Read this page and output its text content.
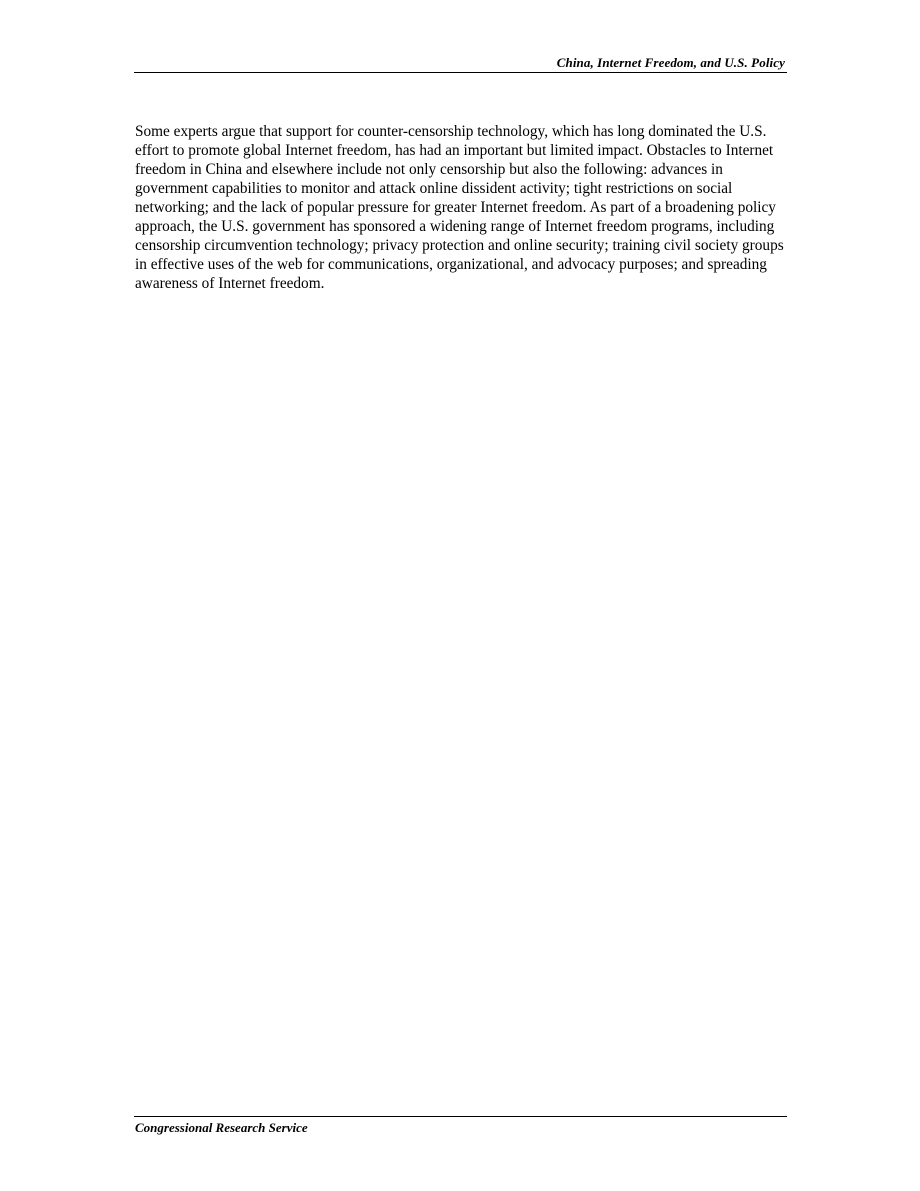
China, Internet Freedom, and U.S. Policy

Some experts argue that support for counter-censorship technology, which has long dominated the U.S. effort to promote global Internet freedom, has had an important but limited impact. Obstacles to Internet freedom in China and elsewhere include not only censorship but also the following: advances in government capabilities to monitor and attack online dissident activity; tight restrictions on social networking; and the lack of popular pressure for greater Internet freedom. As part of a broadening policy approach, the U.S. government has sponsored a widening range of Internet freedom programs, including censorship circumvention technology; privacy protection and online security; training civil society groups in effective uses of the web for communications, organizational, and advocacy purposes; and spreading awareness of Internet freedom.

Congressional Research Service
